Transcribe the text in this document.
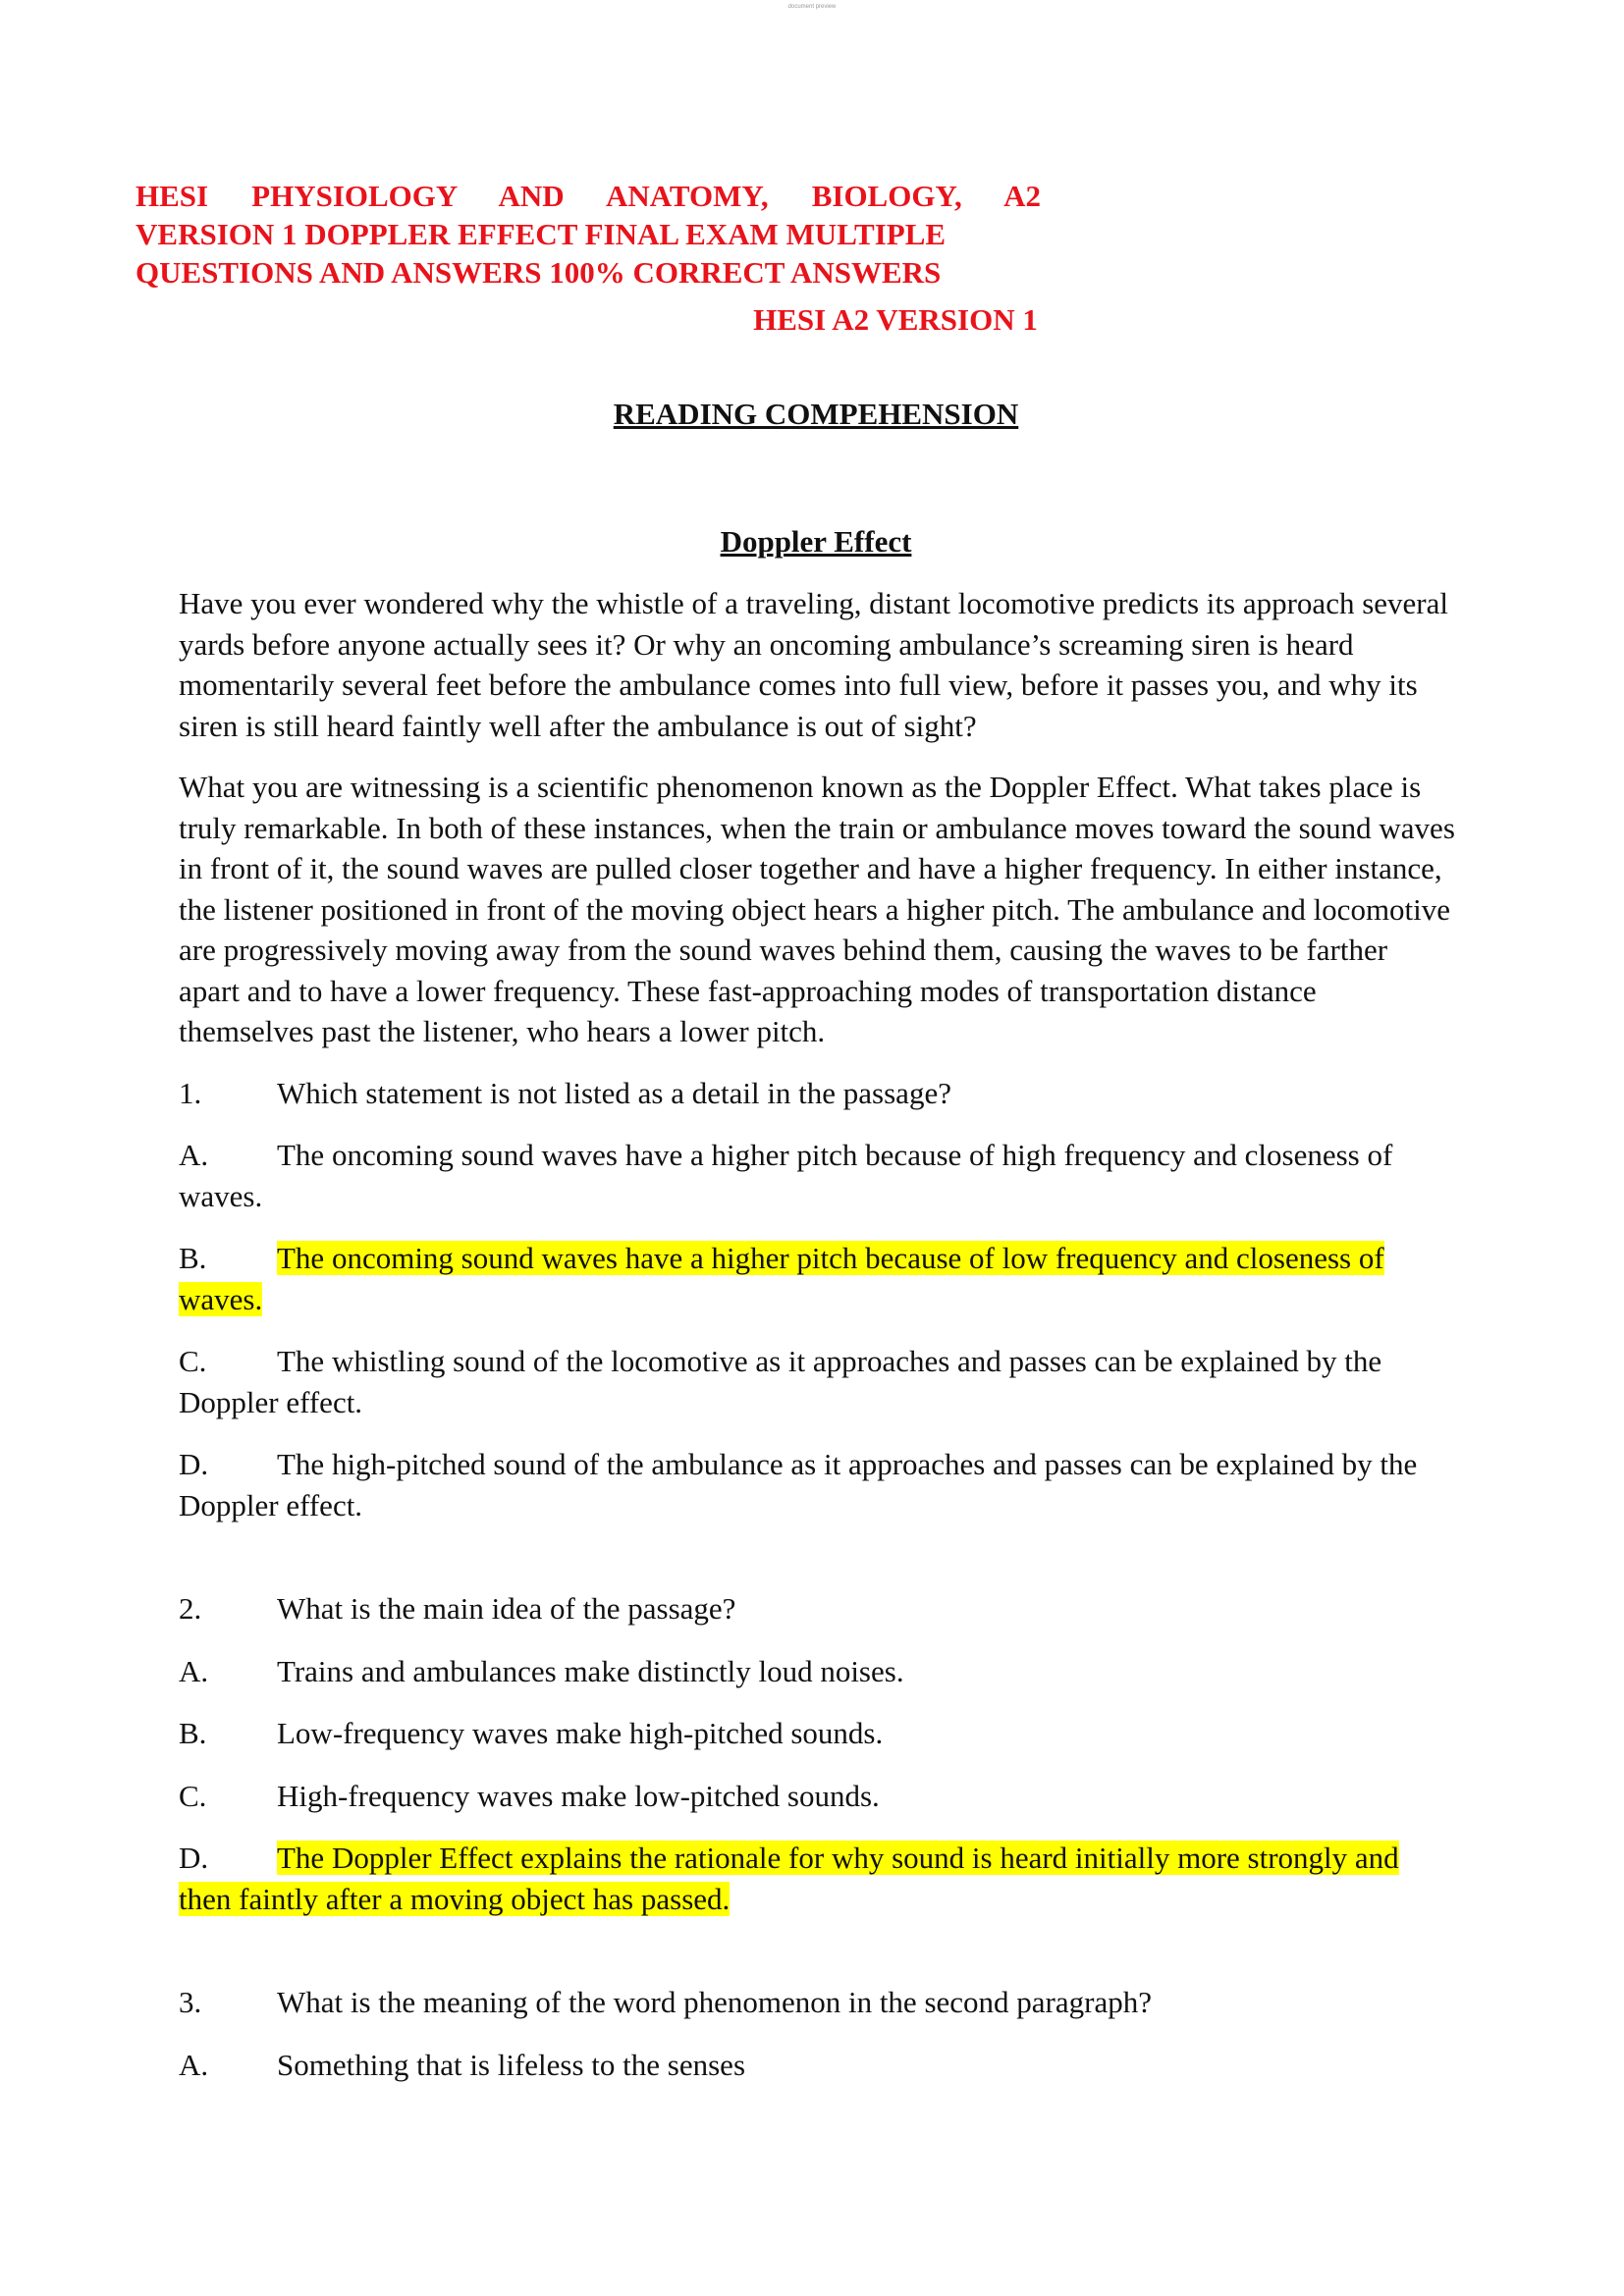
document preview
HESI PHYSIOLOGY AND ANATOMY, BIOLOGY, A2
VERSION 1 DOPPLER EFFECT FINAL EXAM MULTIPLE
QUESTIONS AND ANSWERS 100% CORRECT ANSWERS
HESI A2 VERSION 1
READING COMPEHENSION
Doppler Effect

Have you ever wondered why the whistle of a traveling, distant locomotive predicts its approach several yards before anyone actually sees it? Or why an oncoming ambulance’s screaming siren is heard momentarily several feet before the ambulance comes into full view, before it passes you, and why its siren is still heard faintly well after the ambulance is out of sight?

What you are witnessing is a scientific phenomenon known as the Doppler Effect. What takes place is truly remarkable. In both of these instances, when the train or ambulance moves toward the sound waves in front of it, the sound waves are pulled closer together and have a higher frequency. In either instance, the listener positioned in front of the moving object hears a higher pitch. The ambulance and locomotive are progressively moving away from the sound waves behind them, causing the waves to be farther apart and to have a lower frequency. These fast-approaching modes of transportation distance themselves past the listener, who hears a lower pitch.

1. Which statement is not listed as a detail in the passage?

A. The oncoming sound waves have a higher pitch because of high frequency and closeness of waves.

B. The oncoming sound waves have a higher pitch because of low frequency and closeness of waves.

C. The whistling sound of the locomotive as it approaches and passes can be explained by the Doppler effect.

D. The high-pitched sound of the ambulance as it approaches and passes can be explained by the Doppler effect.

2. What is the main idea of the passage?

A. Trains and ambulances make distinctly loud noises.

B. Low-frequency waves make high-pitched sounds.

C. High-frequency waves make low-pitched sounds.

D. The Doppler Effect explains the rationale for why sound is heard initially more strongly and then faintly after a moving object has passed.

3. What is the meaning of the word phenomenon in the second paragraph?

A. Something that is lifeless to the senses
